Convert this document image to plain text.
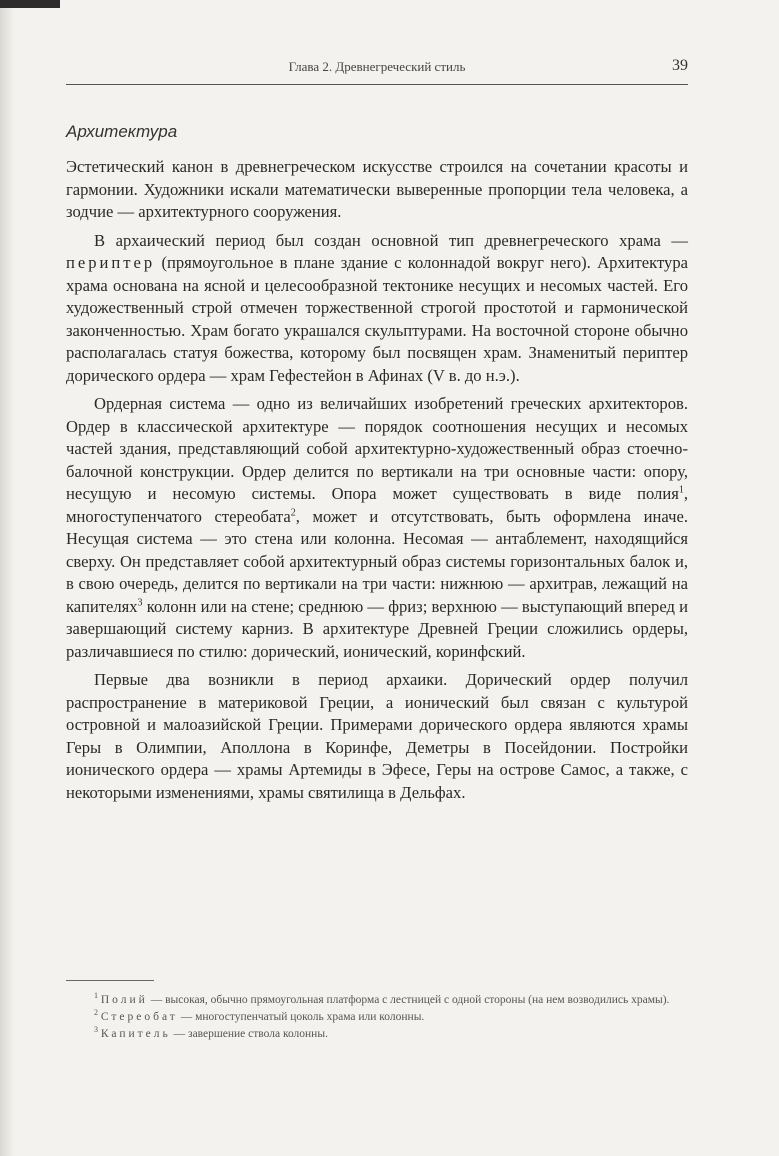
Глава 2. Древнегреческий стиль	39
Архитектура

Эстетический канон в древнегреческом искусстве строился на сочетании красоты и гармонии. Художники искали математически выверенные пропорции тела человека, а зодчие — архитектурного сооружения.

В архаический период был создан основной тип древнегреческого храма — периптер (прямоугольное в плане здание с колоннадой вокруг него). Архитектура храма основана на ясной и целесообразной тектонике несущих и несомых частей. Его художественный строй отмечен торжественной строгой простотой и гармонической законченностью. Храм богато украшался скульптурами. На восточной стороне обычно располагалась статуя божества, которому был посвящен храм. Знаменитый периптер дорического ордера — храм Гефестейон в Афинах (V в. до н.э.).

Ордерная система — одно из величайших изобретений греческих архитекторов. Ордер в классической архитектуре — порядок соотношения несущих и несомых частей здания, представляющий собой архитектурно-художественный образ стоечно-балочной конструкции. Ордер делится по вертикали на три основные части: опору, несущую и несомую системы. Опора может существовать в виде полия$^1$, многоступенчатого стереобата$^2$, может и отсутствовать, быть оформлена иначе. Несущая система — это стена или колонна. Несомая — антаблемент, находящийся сверху. Он представляет собой архитектурный образ системы горизонтальных балок и, в свою очередь, делится по вертикали на три части: нижнюю — архитрав, лежащий на капителях$^3$ колонн или на стене; среднюю — фриз; верхнюю — выступающий вперед и завершающий систему карниз. В архитектуре Древней Греции сложились ордеры, различавшиеся по стилю: дорический, ионический, коринфский.

Первые два возникли в период архаики. Дорический ордер получил распространение в материковой Греции, а ионический был связан с культурой островной и малоазийской Греции. Примерами дорического ордера являются храмы Геры в Олимпии, Аполлона в Коринфе, Деметры в Посейдонии. Постройки ионического ордера — храмы Артемиды в Эфесе, Геры на острове Самос, а также, с некоторыми изменениями, храмы святилища в Дельфах.

$^1$ Полий — высокая, обычно прямоугольная платформа с лестницей с одной стороны (на нем возводились храмы).

$^2$ Стереобат — многоступенчатый цоколь храма или колонны.

$^3$ Капитель — завершение ствола колонны.
